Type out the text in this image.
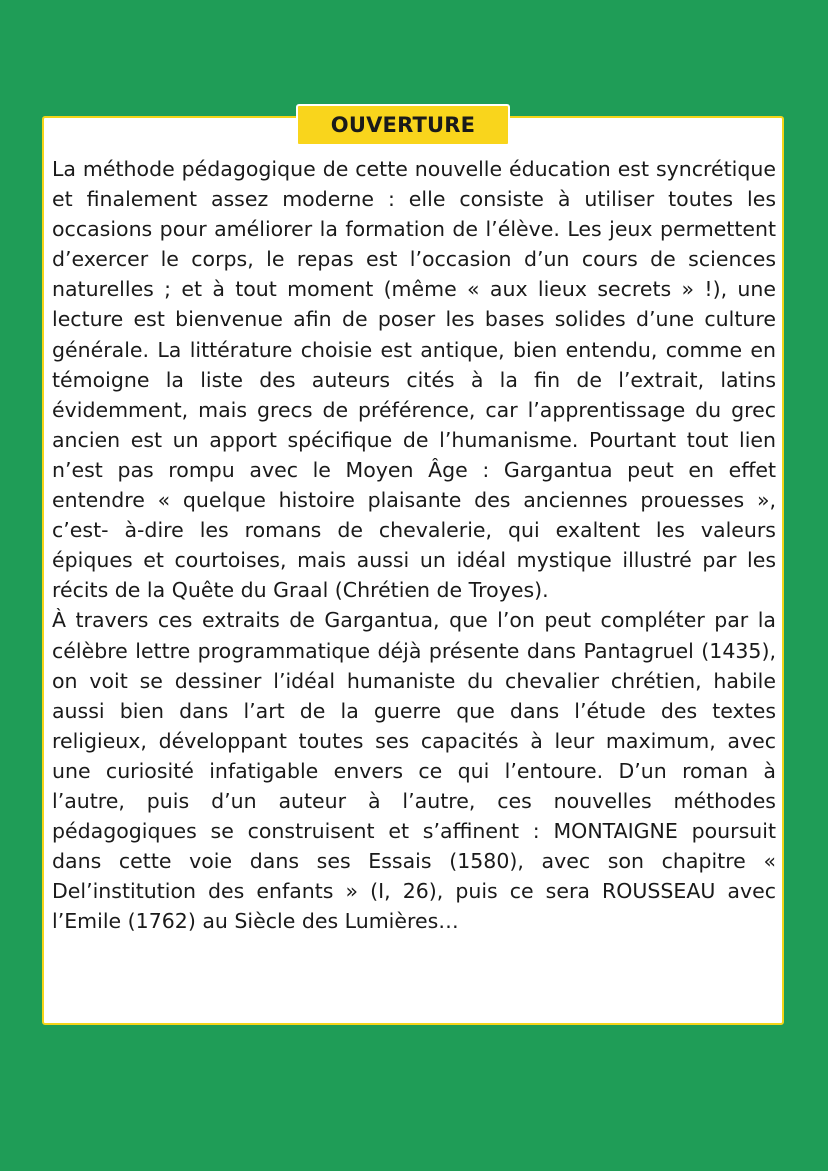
OUVERTURE

La méthode pédagogique de cette nouvelle éducation est syncrétique et finalement assez moderne : elle consiste à utiliser toutes les occasions pour améliorer la formation de l’élève. Les jeux permettent d’exercer le corps, le repas est l’occasion d’un cours de sciences naturelles ; et à tout moment (même « aux lieux secrets » !), une lecture est bienvenue afin de poser les bases solides d’une culture générale. La littérature choisie est antique, bien entendu, comme en témoigne la liste des auteurs cités à la fin de l’extrait, latins évidemment, mais grecs de préférence, car l’apprentissage du grec ancien est un apport spécifique de l’humanisme. Pourtant tout lien n’est pas rompu avec le Moyen Âge : Gargantua peut en effet entendre « quelque histoire plaisante des anciennes prouesses », c’est- à-dire les romans de chevalerie, qui exaltent les valeurs épiques et courtoises, mais aussi un idéal mystique illustré par les récits de la Quête du Graal (Chrétien de Troyes).

À travers ces extraits de Gargantua, que l’on peut compléter par la célèbre lettre programmatique déjà présente dans Pantagruel (1435), on voit se dessiner l’idéal humaniste du chevalier chrétien, habile aussi bien dans l’art de la guerre que dans l’étude des textes religieux, développant toutes ses capacités à leur maximum, avec une curiosité infatigable envers ce qui l’entoure. D’un roman à l’autre, puis d’un auteur à l’autre, ces nouvelles méthodes pédagogiques se construisent et s’affinent : MONTAIGNE poursuit dans cette voie dans ses Essais (1580), avec son chapitre « Del’institution des enfants » (I, 26), puis ce sera ROUSSEAU avec l’Emile (1762) au Siècle des Lumières…
